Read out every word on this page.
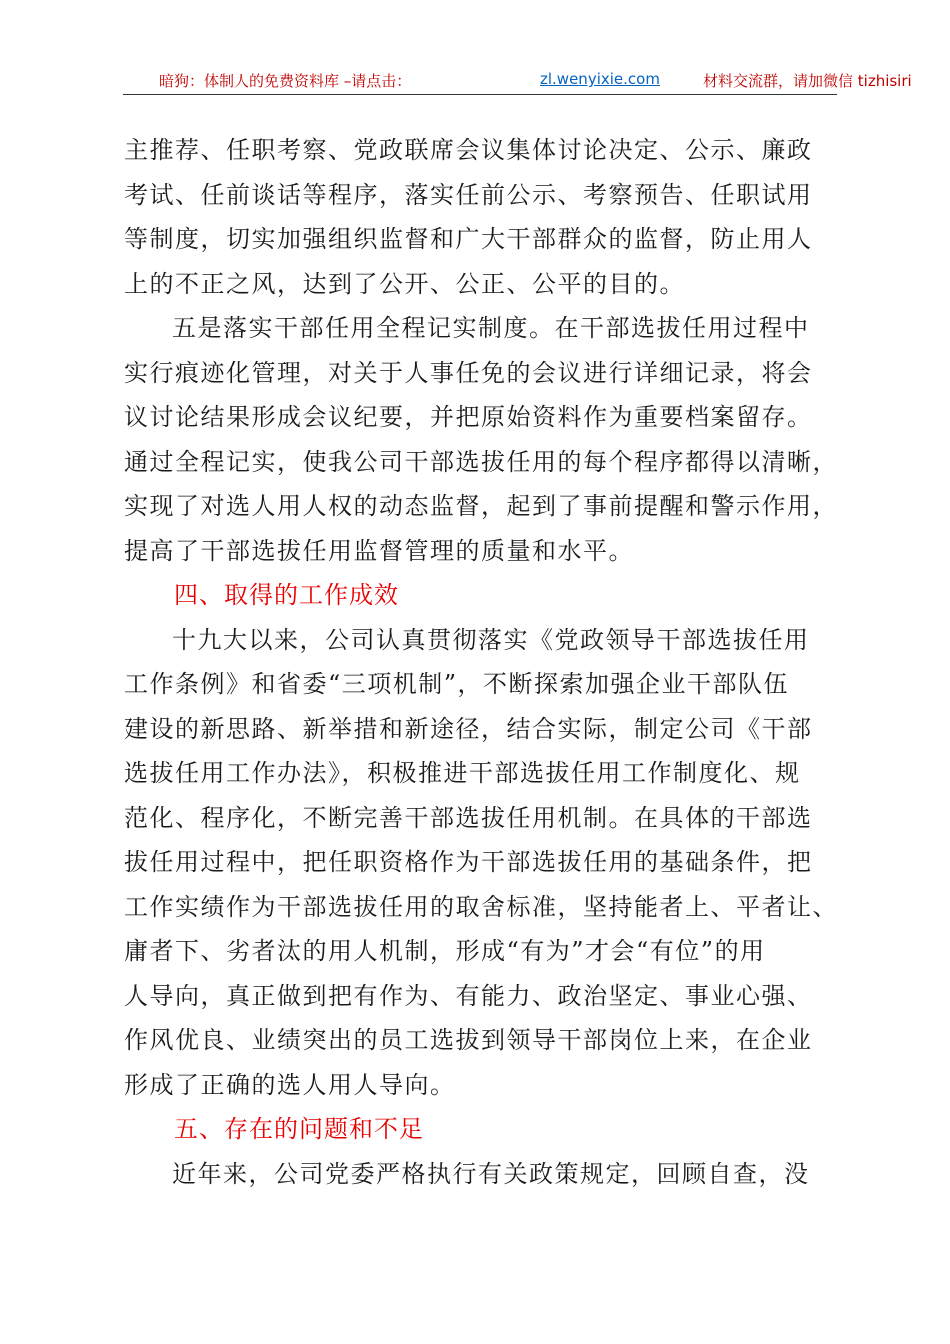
暗狗：体制人的免费资料库 –请点击：	zl.wenyixie.com	材料交流群，请加微信 tizhisiri
主推荐、任职考察、党政联席会议集体讨论决定、公示、廉政
考试、任前谈话等程序，落实任前公示、考察预告、任职试用
等制度，切实加强组织监督和广大干部群众的监督，防止用人
上的不正之风，达到了公开、公正、公平的目的。
五是落实干部任用全程记实制度。在干部选拔任用过程中
实行痕迹化管理，对关于人事任免的会议进行详细记录，将会
议讨论结果形成会议纪要，并把原始资料作为重要档案留存。
通过全程记实，使我公司干部选拔任用的每个程序都得以清晰，
实现了对选人用人权的动态监督，起到了事前提醒和警示作用，
提高了干部选拔任用监督管理的质量和水平。
四、取得的工作成效
十九大以来，公司认真贯彻落实《党政领导干部选拔任用
工作条例》和省委“三项机制”，不断探索加强企业干部队伍
建设的新思路、新举措和新途径，结合实际，制定公司《干部
选拔任用工作办法》，积极推进干部选拔任用工作制度化、规
范化、程序化，不断完善干部选拔任用机制。在具体的干部选
拔任用过程中，把任职资格作为干部选拔任用的基础条件，把
工作实绩作为干部选拔任用的取舍标准，坚持能者上、平者让、
庸者下、劣者汰的用人机制，形成“有为”才会“有位”的用
人导向，真正做到把有作为、有能力、政治坚定、事业心强、
作风优良、业绩突出的员工选拔到领导干部岗位上来，在企业
形成了正确的选人用人导向。
五、存在的问题和不足
近年来，公司党委严格执行有关政策规定，回顾自查，没
